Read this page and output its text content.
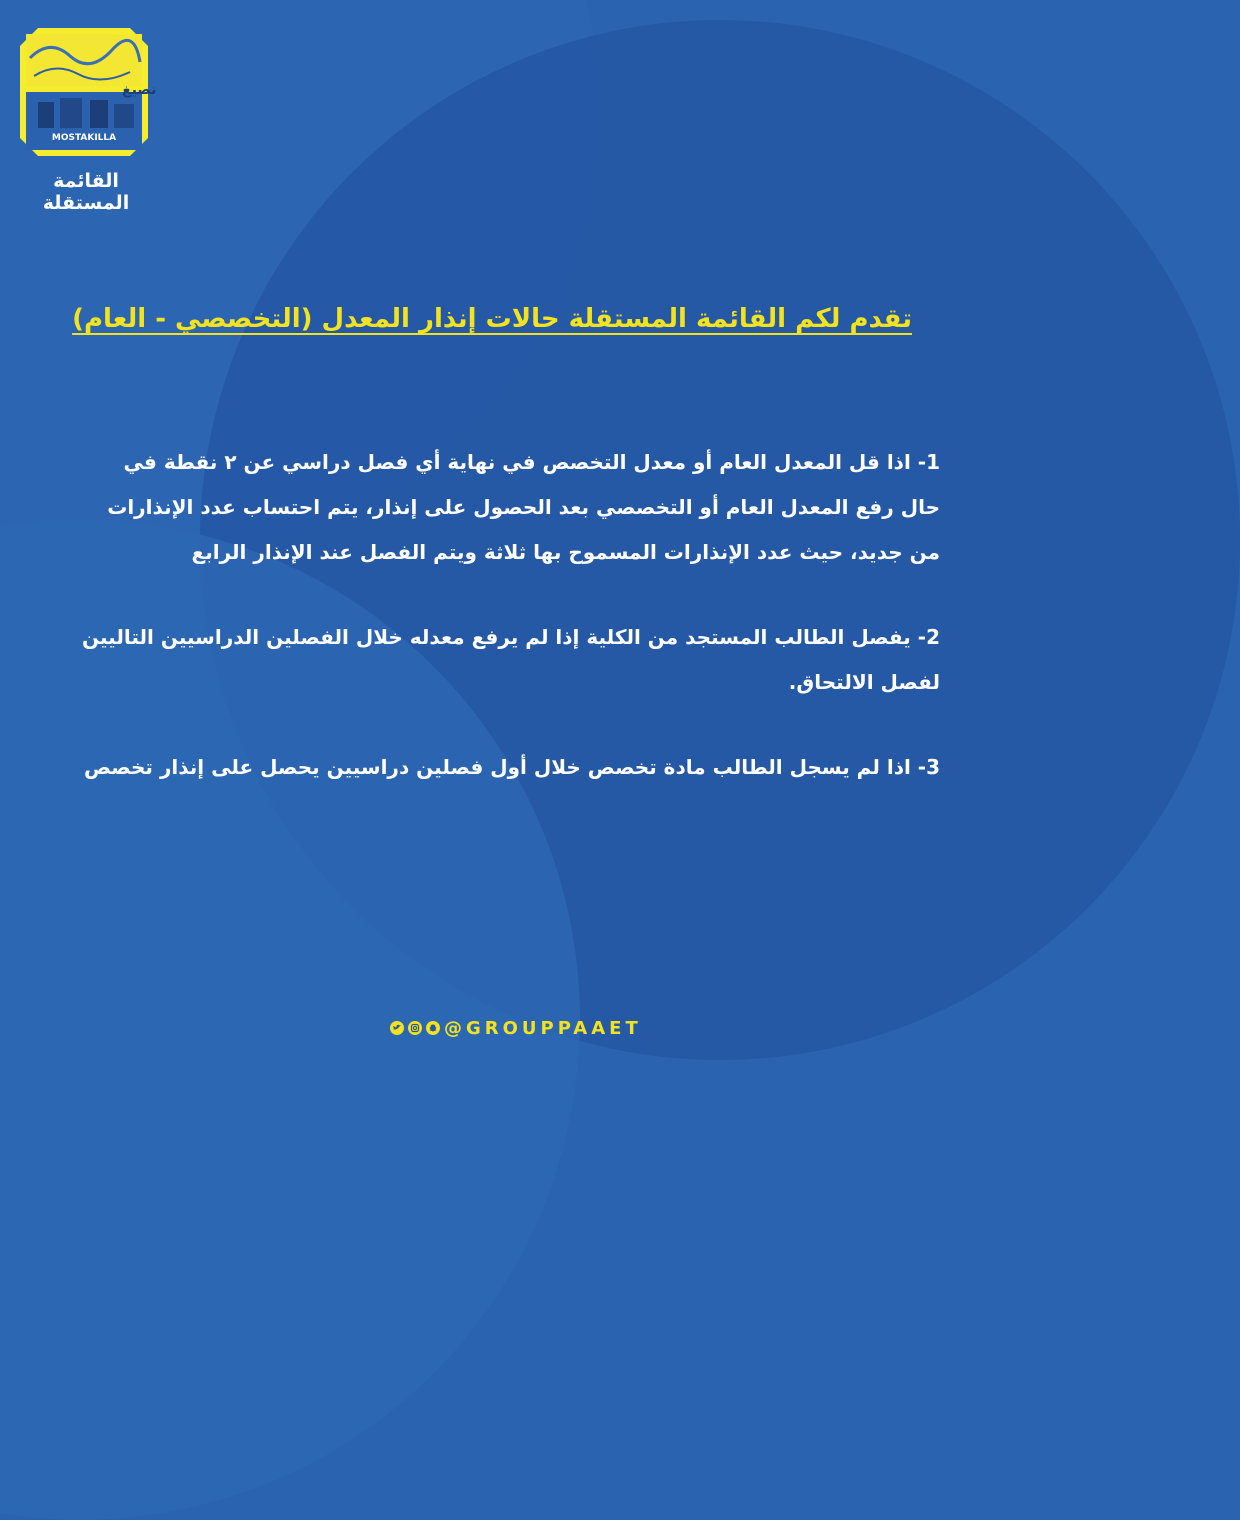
نصيغ
MOSTAKILLA
القائمة المستقلة
تقدم لكم القائمة المستقلة حالات إنذار المعدل (التخصصي - العام)

1- اذا قل المعدل العام أو معدل التخصص في نهاية أي فصل دراسي عن ٢ نقطة في حال رفع المعدل العام أو التخصصي بعد الحصول على إنذار، يتم احتساب عدد الإنذارات من جديد، حيث عدد الإنذارات المسموح بها ثلاثة ويتم الفصل عند الإنذار الرابع

2- يفصل الطالب المستجد من الكلية إذا لم يرفع معدله خلال الفصلين الدراسيين التاليين لفصل الالتحاق.

3- اذا لم يسجل الطالب مادة تخصص خلال أول فصلين دراسيين يحصل على إنذار تخصص

@GROUPPAAET
